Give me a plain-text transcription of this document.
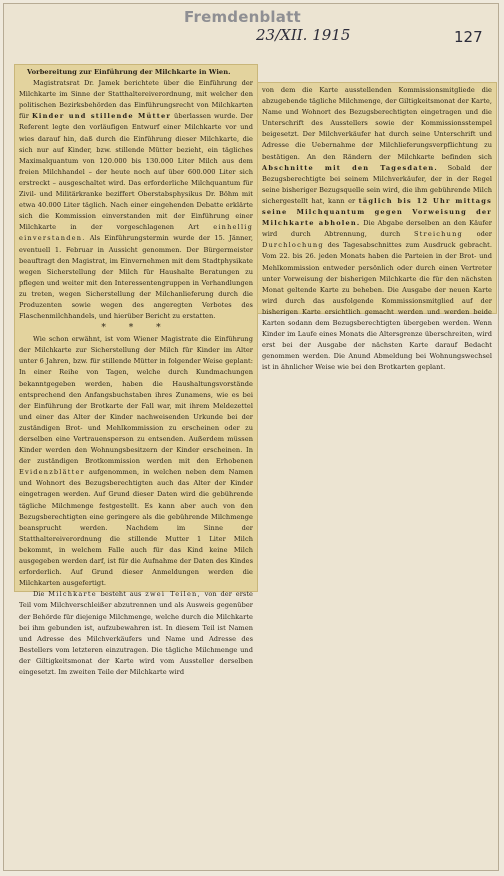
Fremdenblatt
23/XII. 1915	127

Vorbereitung zur Einführung der Milchkarte in Wien.

Magistratsrat Dr. Jamek berichtete über die Einführung der Milchkarte im Sinne der Statthaltereiverordnung, mit welcher den politischen Bezirksbehörden das Einführungsrecht von Milchkarten für Kinder und stillende Mütter überlassen wurde. Der Referent legte den vorläufigen Entwurf einer Milchkarte vor und wies darauf hin, daß durch die Einführung dieser Milchkarte, die sich nur auf Kinder, bzw. stillende Mütter bezieht, ein tägliches Maximalquantum von 120.000 bis 130.000 Liter Milch aus dem freien Milchhandel – der heute noch auf über 600.000 Liter sich erstreckt – ausgeschaltet wird. Das erforderliche Milchquantum für Zivil- und Militärkranke beziffert Oberstabsphysikus Dr. Böhm mit etwa 40.000 Liter täglich. Nach einer eingehenden Debatte erklärte sich die Kommission einverstanden mit der Einführung einer Milchkarte in der vorgeschlagenen Art einhellig einverstanden. Als Einführungstermin wurde der 15. Jänner, eventuell 1. Februar in Aussicht genommen. Der Bürgermeister beauftragt den Magistrat, im Einvernehmen mit dem Stadtphysikate wegen Sicherstellung der Milch für Haushalte Beratungen zu pflegen und weiter mit den Interessentengruppen in Verhandlungen zu treten, wegen Sicherstellung der Milchanlieferung durch die Produzenten sowie wegen des angeregten Verbotes des Flaschenmilchhandels, und hierüber Bericht zu erstatten.

* * *

Wie schon erwähnt, ist vom Wiener Magistrate die Einführung der Milchkarte zur Sicherstellung der Milch für Kinder im Alter unter 6 Jahren, bzw. für stillende Mütter in folgender Weise geplant: In einer Reihe von Tagen, welche durch Kundmachungen bekanntgegeben werden, haben die Haushaltungsvorstände entsprechend den Anfangsbuchstaben ihres Zunamens, wie es bei der Einführung der Brotkarte der Fall war, mit ihrem Meldezettel und einer das Alter der Kinder nachweisenden Urkunde bei der zuständigen Brot- und Mehlkommission zu erscheinen oder zu derselben eine Vertrauensperson zu entsenden. Außerdem müssen Kinder werden den Wohnungsbesitzern der Kinder erscheinen. In der zuständigen Brotkommission werden mit den Erhobenen Evidenzblätter aufgenommen, in welchen neben dem Namen und Wohnort des Bezugsberechtigten auch das Alter der Kinder eingetragen werden. Auf Grund dieser Daten wird die gebührende tägliche Milchmenge festgestellt. Es kann aber auch von den Bezugsberechtigten eine geringere als die gebührende Milchmenge beansprucht werden. Nachdem im Sinne der Statthaltereiverordnung die stillende Mutter 1 Liter Milch bekommt, in welchem Falle auch für das Kind keine Milch ausgegeben werden darf, ist für die Aufnahme der Daten des Kindes erforderlich. Auf Grund dieser Anmeldungen werden die Milchkarten ausgefertigt.

Die Milchkarte besteht aus zwei Teilen, von der erste Teil vom Milchverschleißer abzutrennen und als Ausweis gegenüber der Behörde für diejenige Milchmenge, welche durch die Milchkarte bei ihm gebunden ist, aufzubewahren ist. In diesem Teil ist Namen und Adresse des Milchverkäufers und Name und Adresse des Bestellers vom letzteren einzutragen. Die tägliche Milchmenge und der Giltigkeitsmonat der Karte wird vom Aussteller derselben eingesetzt. Im zweiten Teile der Milchkarte wird

von dem die Karte ausstellenden Kommissionsmitgliede die abzugebende tägliche Milchmenge, der Giltigkeitsmonat der Karte, Name und Wohnort des Bezugsberechtigten eingetragen und die Unterschrift des Ausstellers sowie der Kommissionsstempel beigesetzt. Der Milchverkäufer hat durch seine Unterschrift und Adresse die Uebernahme der Milchlieferungsverpflichtung zu bestätigen. An den Rändern der Milchkarte befinden sich Abschnitte mit den Tagesdaten. Sobald der Bezugsberechtigte bei seinem Milchverkäufer, der in der Regel seine bisheriger Bezugsquelle sein wird, die ihm gebührende Milch sichergestellt hat, kann er täglich bis 12 Uhr mittags seine Milchquantum gegen Vorweisung der Milchkarte abholen. Die Abgabe derselben an den Käufer wird durch Abtrennung, durch Streichung oder Durchlochung des Tagesabschnittes zum Ausdruck gebracht. Vom 22. bis 26. jeden Monats haben die Parteien in der Brot- und Mehlkommission entweder persönlich oder durch einen Vertreter unter Vorweisung der bisherigen Milchkarte die für den nächsten Monat geltende Karte zu beheben. Die Ausgabe der neuen Karte wird durch das ausfolgende Kommissionsmitglied auf der bisherigen Karte ersichtlich gemacht werden und werden beide Karten sodann dem Bezugsberechtigten übergeben werden. Wenn Kinder im Laufe eines Monats die Altersgrenze überschreiten, wird erst bei der Ausgabe der nächsten Karte darauf Bedacht genommen werden. Die Anund Abmeldung bei Wohnungswechsel ist in ähnlicher Weise wie bei den Brotkarten geplant.
